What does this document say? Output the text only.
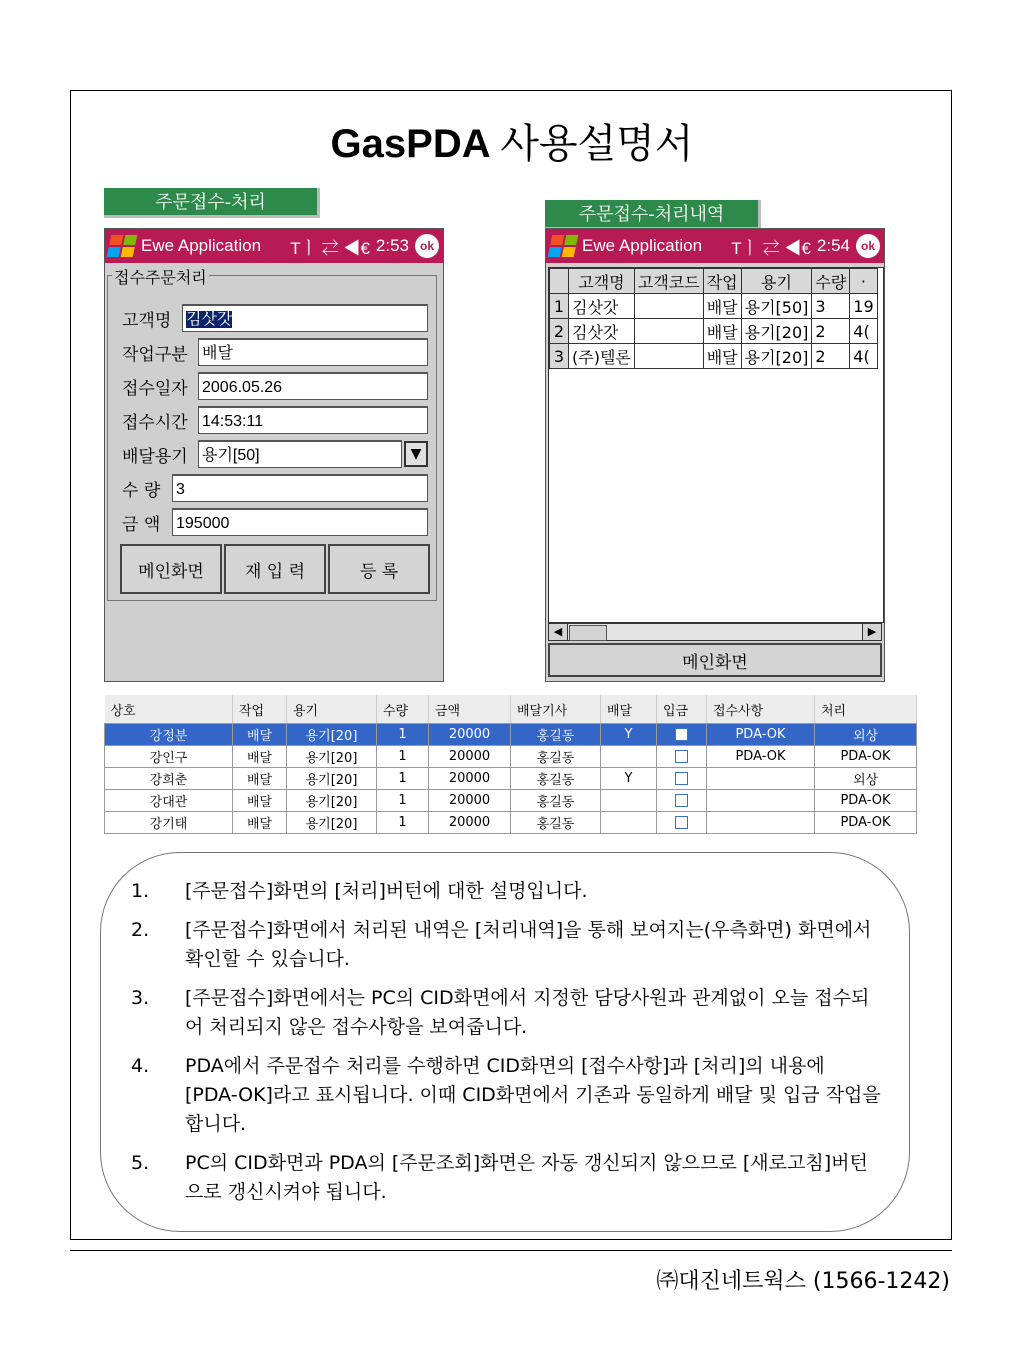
GasPDA 사용설명서
주문접수-처리
주문접수-처리내역
Ewe Application	Tㅣ ⇄ ◀€ 2:53 ok
접수주문처리
고객명 김삿갓
작업구분 배달
접수일자 2006.05.26
접수시간 14:53:11
배달용기 용기[50]	▼
수 량 3
금 액 195000
메인화면	재 입 력	등 록
Ewe Application	Tㅣ ⇄ ◀€ 2:54 ok
	고객명	고객코드	작업	용기	수량	·
1	김삿갓		배달	용기[50]	3	19
2	김삿갓		배달	용기[20]	2	4(
3	(주)텔론		배달	용기[20]	2	4(
◀	▶
메인화면
상호	작업	용기	수량	금액	배달기사	배달	입금	접수사항	처리
강정분	배달	용기[20]	1	20000	홍길동	Y		PDA-OK	외상
강인구	배달	용기[20]	1	20000	홍길동			PDA-OK	PDA-OK
강희춘	배달	용기[20]	1	20000	홍길동	Y			외상
강대관	배달	용기[20]	1	20000	홍길동				PDA-OK
강기태	배달	용기[20]	1	20000	홍길동				PDA-OK
1.	[주문접수]화면의 [처리]버턴에 대한 설명입니다.
2.	[주문접수]화면에서 처리된 내역은 [처리내역]을 통해 보여지는(우측화면) 화면에서 확인할 수 있습니다.
3.	[주문접수]화면에서는 PC의 CID화면에서 지정한 담당사원과 관계없이 오늘 접수되어 처리되지 않은 접수사항을 보여줍니다.
4.	PDA에서 주문접수 처리를 수행하면 CID화면의 [접수사항]과 [처리]의 내용에 [PDA-OK]라고 표시됩니다. 이때 CID화면에서 기존과 동일하게 배달 및 입금 작업을 합니다.
5.	PC의 CID화면과 PDA의 [주문조회]화면은 자동 갱신되지 않으므로 [새로고침]버턴으로 갱신시켜야 됩니다.
㈜대진네트웍스 (1566-1242)
